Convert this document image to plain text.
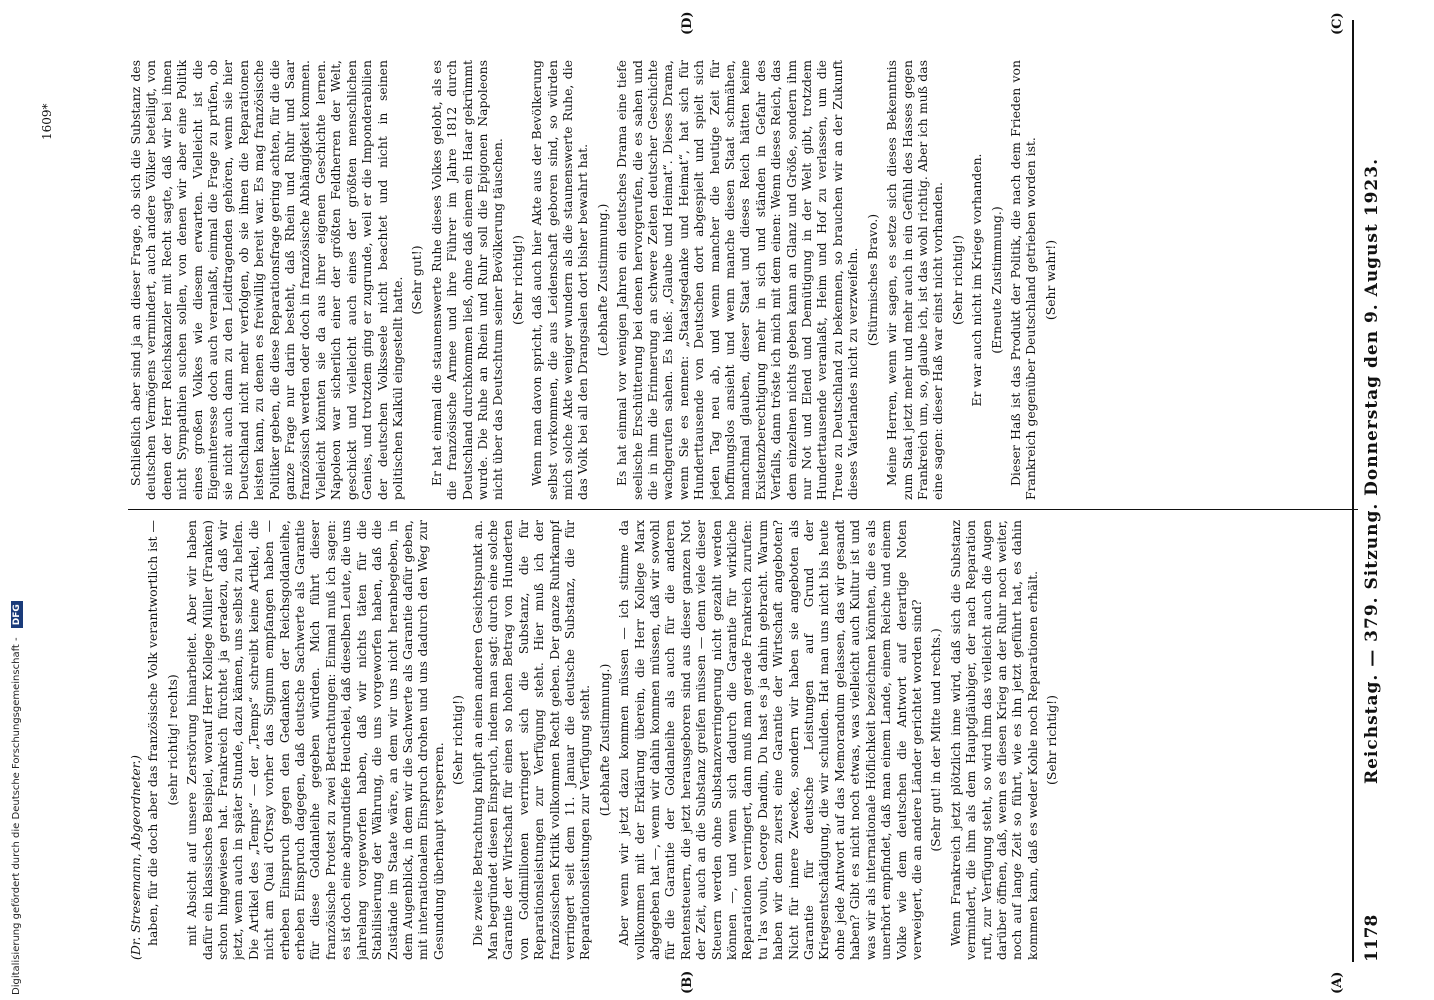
1178
Reichstag. — 379. Sitzung. Donnerstag den 9. August 1923.
(A)
(B)
(C)
(D)

(Dr. Stresemann, Abgeordneter.) haben, für die doch aber das französische Volk verantwortlich ist — (sehr richtig! rechts) mit Absicht auf unsere Zerstörung hinarbeitet. Aber wir haben dafür ein klassisches Beispiel, worauf Herr Kollege Müller (Franken) schon hingewiesen hat. Frankreich fürchtet ja geradezu, daß wir jetzt, wenn auch in später Stunde, dazu kämen, uns selbst zu helfen. Die Artikel des „Temps“ — der „Temps“ schreibt keine Artikel, die nicht am Quai d'Orsay vorher das Signum empfangen haben — erheben Einspruch gegen den Gedanken der Reichsgoldanleihe, erheben Einspruch dagegen, daß deutsche Sachwerte als Garantie für diese Goldanleihe gegeben würden. Mich führt dieser französische Protest zu zwei Betrachtungen: Einmal muß ich sagen: es ist doch eine abgrundtiefe Heuchelei, daß dieselben Leute, die uns jahrelang vorgeworfen haben, daß wir nichts täten für die Stabilisierung der Währung, die uns vorgeworfen haben, daß die Zustände im Staate wäre, an dem wir uns nicht heranbegeben, in dem Augenblick, in dem wir die Sachwerte als Garantie dafür geben, mit internationalem Einspruch drohen und uns dadurch den Weg zur Gesundung überhaupt versperren.

(Sehr richtig!) Die zweite Betrachtung knüpft an einen anderen Gesichtspunkt an. Man begründet diesen Einspruch, indem man sagt: durch eine solche Garantie der Wirtschaft für einen so hohen Betrag von Hunderten von Goldmillionen verringert sich die Substanz, die für Reparationsleistungen zur Verfügung steht. Hier muß ich der französischen Kritik vollkommen Recht geben. Der ganze Ruhrkampf verringert seit dem 11. Januar die deutsche Substanz, die für Reparationsleistungen zur Verfügung steht. (Lebhafte Zustimmung.) Aber wenn wir jetzt dazu kommen müssen — ich stimme da vollkommen mit der Erklärung überein, die Herr Kollege Marx abgegeben hat —, wenn wir dahin kommen müssen, daß wir sowohl für die Garantie der Goldanleihe als auch für die anderen Rentensteuern, die jetzt herausgeboren sind aus dieser ganzen Not der Zeit, auch an die Substanz greifen müssen — denn viele dieser Steuern werden ohne Substanzverringerung nicht gezahlt werden können —, und wenn sich dadurch die Garantie für wirkliche Reparationen verringert, dann muß man gerade Frankreich zurufen: tu l'as voulu, George Dandin, Du hast es ja dahin gebracht. Warum haben wir denn zuerst eine Garantie der Wirtschaft angeboten? Nicht für innere Zwecke, sondern wir haben sie angeboten als Garantie für deutsche Leistungen auf Grund der Kriegsentschädigung, die wir schulden. Hat man uns nicht bis heute ohne jede Antwort auf das Memorandum gelassen, das wir gesandt haben? Gibt es nicht noch etwas, was vielleicht auch Kultur ist und was wir als internationale Höflichkeit bezeichnen könnten, die es als unerhört empfindet, daß man einem Lande, einem Reiche und einem Volke wie dem deutschen die Antwort auf derartige Noten verweigert, die an andere Länder gerichtet worden sind? (Sehr gut! in der Mitte und rechts.) Wenn Frankreich jetzt plötzlich inne wird, daß sich die Substanz vermindert, die ihm als dem Hauptgläubiger, der nach Reparation ruft, zur Verfügung steht, so wird ihm das vielleicht auch die Augen darüber öffnen, daß, wenn es diesen Krieg an der Ruhr noch weiter, noch auf lange Zeit so führt, wie es ihn jetzt geführt hat, es dahin kommen kann, daß es weder Kohle noch Reparationen erhält. (Sehr richtig!)

Schließlich aber sind ja an dieser Frage, ob sich die Substanz des deutschen Vermögens vermindert, auch andere Völker beteiligt, von denen der Herr Reichskanzler mit Recht sagte, daß wir bei ihnen nicht Sympathien suchen sollen, von denen wir aber eine Politik eines großen Volkes wie diesem erwarten. Vielleicht ist die Eigeninteresse doch auch veranlaßt, einmal die Frage zu prüfen, ob sie nicht auch dann zu den Leidtragenden gehören, wenn sie hier Deutschland nicht mehr verfolgen, ob sie ihnen die Reparationen leisten kann, zu denen es freiwillig bereit war. Es mag französische Politiker geben, die diese Reparationsfrage gering achten, für die die ganze Frage nur darin besteht, daß Rhein und Ruhr und Saar französisch werden oder doch in französische Abhängigkeit kommen. Vielleicht könnten sie da aus ihrer eigenen Geschichte lernen. Napoleon war sicherlich einer der größten Feldherren der Welt, geschickt und vielleicht auch eines der größten menschlichen Genies, und trotzdem ging er zugrunde, weil er die Imponderabilien der deutschen Volksseele nicht beachtet und nicht in seinen politischen Kalkül eingestellt hatte. (Sehr gut!) Er hat einmal die staunenswerte Ruhe dieses Volkes gelobt, als es die französische Armee und ihre Führer im Jahre 1812 durch Deutschland durchkommen ließ, ohne daß einem ein Haar gekrümmt wurde. Die Ruhe an Rhein und Ruhr soll die Epigonen Napoleons nicht über das Deutschtum seiner Bevölkerung täuschen. (Sehr richtig!) Wenn man davon spricht, daß auch hier Akte aus der Bevölkerung selbst vorkommen, die aus Leidenschaft geboren sind, so würden mich solche Akte weniger wundern als die staunenswerte Ruhe, die das Volk bei all den Drangsalen dort bisher bewahrt hat. (Lebhafte Zustimmung.) Es hat einmal vor wenigen Jahren ein deutsches Drama eine tiefe seelische Erschütterung bei denen hervorgerufen, die es sahen und die in ihm die Erinnerung an schwere Zeiten deutscher Geschichte wachgerufen sahen. Es hieß: „Glaube und Heimat“. Dieses Drama, wenn Sie es nennen: „Staatsgedanke und Heimat“, hat sich für Hunderttausende von Deutschen dort abgespielt und spielt sich jeden Tag neu ab, und wenn mancher die heutige Zeit für hoffnungslos ansieht und wenn manche diesen Staat schmähen, manchmal glauben, dieser Staat und dieses Reich hätten keine Existenzberechtigung mehr in sich und ständen in Gefahr des Verfalls, dann tröste ich mich mit dem einen: Wenn dieses Reich, das dem einzelnen nichts geben kann an Glanz und Größe, sondern ihm nur Not und Elend und Demütigung in der Welt gibt, trotzdem Hunderttausende veranlaßt, Heim und Hof zu verlassen, um die Treue zu Deutschland zu bekennen, so brauchen wir an der Zukunft dieses Vaterlandes nicht zu verzweifeln. (Stürmisches Bravo.) Meine Herren, wenn wir sagen, es setze sich dieses Bekenntnis zum Staat jetzt mehr und mehr auch in ein Gefühl des Hasses gegen Frankreich um, so, glaube ich, ist das wohl richtig. Aber ich muß das eine sagen: dieser Haß war einst nicht vorhanden. (Sehr richtig!) Er war auch nicht im Kriege vorhanden. (Erneute Zustimmung.) Dieser Haß ist das Produkt der Politik, die nach dem Frieden von Frankreich gegenüber Deutschland getrieben worden ist. (Sehr wahr!)

1609*
Digitalisierung gefördert durch die Deutsche Forschungsgemeinschaft - DFG
